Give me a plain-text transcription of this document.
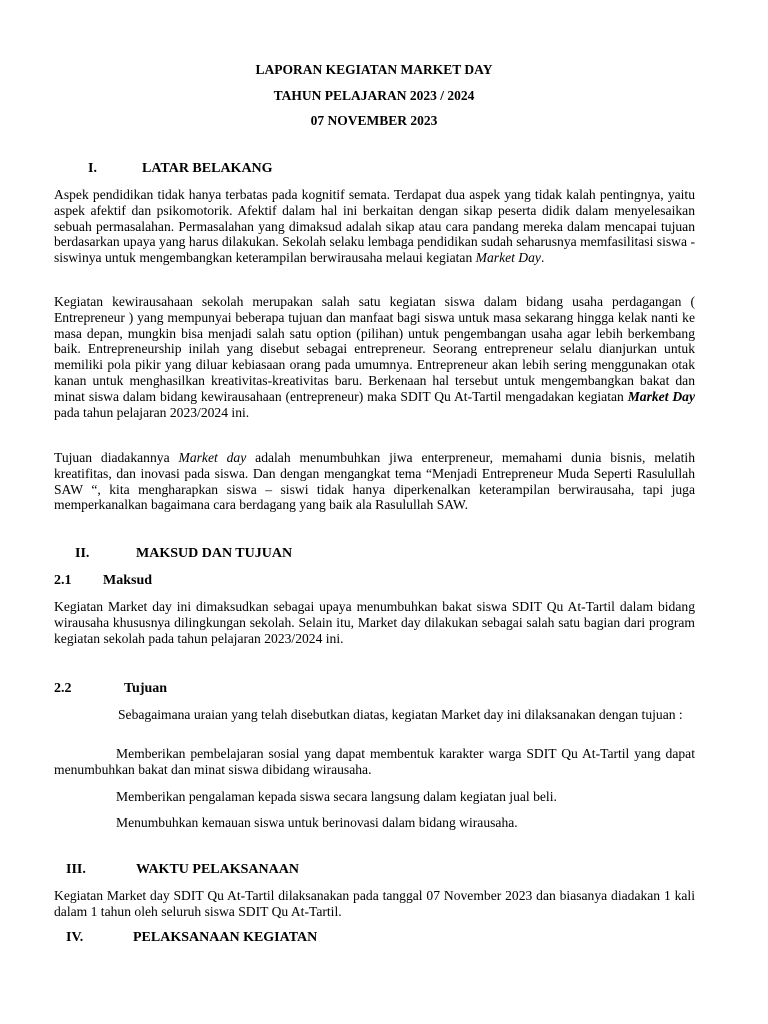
LAPORAN KEGIATAN MARKET DAY
TAHUN PELAJARAN 2023 / 2024
07 NOVEMBER 2023
I.	LATAR BELAKANG

Aspek pendidikan tidak hanya terbatas pada kognitif semata. Terdapat dua aspek yang tidak kalah pentingnya, yaitu aspek afektif dan psikomotorik. Afektif dalam hal ini berkaitan dengan sikap peserta didik dalam menyelesaikan sebuah permasalahan. Permasalahan yang dimaksud adalah sikap atau cara pandang mereka dalam mencapai tujuan berdasarkan upaya yang harus dilakukan. Sekolah selaku lembaga pendidikan sudah seharusnya memfasilitasi siswa - siswinya untuk mengembangkan keterampilan berwirausaha melaui kegiatan Market Day.

Kegiatan kewirausahaan sekolah merupakan salah satu kegiatan siswa dalam bidang usaha perdagangan ( Entrepreneur ) yang mempunyai beberapa tujuan dan manfaat bagi siswa untuk masa sekarang hingga kelak nanti ke masa depan, mungkin bisa menjadi salah satu option (pilihan) untuk pengembangan usaha agar lebih berkembang baik. Entrepreneurship inilah yang disebut sebagai entrepreneur. Seorang entrepreneur selalu dianjurkan untuk memiliki pola pikir yang diluar kebiasaan orang pada umumnya. Entrepreneur akan lebih sering menggunakan otak kanan untuk menghasilkan kreativitas-kreativitas baru. Berkenaan hal tersebut untuk mengembangkan bakat dan minat siswa dalam bidang kewirausahaan (entrepreneur) maka SDIT Qu At-Tartil mengadakan kegiatan Market Day pada tahun pelajaran 2023/2024 ini.

Tujuan diadakannya Market day adalah menumbuhkan jiwa enterpreneur, memahami dunia bisnis, melatih kreatifitas, dan inovasi pada siswa. Dan dengan mengangkat tema “Menjadi Entrepreneur Muda Seperti Rasulullah SAW “, kita mengharapkan siswa – siswi tidak hanya diperkenalkan keterampilan berwirausaha, tapi juga memperkanalkan bagaimana cara berdagang yang baik ala Rasulullah SAW.

II.	MAKSUD DAN TUJUAN
2.1 Maksud

Kegiatan Market day ini dimaksudkan sebagai upaya menumbuhkan bakat siswa SDIT Qu At-Tartil dalam bidang wirausaha khususnya dilingkungan sekolah. Selain itu, Market day dilakukan sebagai salah satu bagian dari program kegiatan sekolah pada tahun pelajaran 2023/2024 ini.

2.2	Tujuan

Sebagaimana uraian yang telah disebutkan diatas, kegiatan Market day ini dilaksanakan dengan tujuan :

Memberikan pembelajaran sosial yang dapat membentuk karakter warga SDIT Qu At-Tartil yang dapat menumbuhkan bakat dan minat siswa dibidang wirausaha.

Memberikan pengalaman kepada siswa secara langsung dalam kegiatan jual beli.

Menumbuhkan kemauan siswa untuk berinovasi dalam bidang wirausaha.

III.	WAKTU PELAKSANAAN

Kegiatan Market day SDIT Qu At-Tartil dilaksanakan pada tanggal 07 November 2023 dan biasanya diadakan 1 kali dalam 1 tahun oleh seluruh siswa SDIT Qu At-Tartil.

IV.	PELAKSANAAN KEGIATAN
